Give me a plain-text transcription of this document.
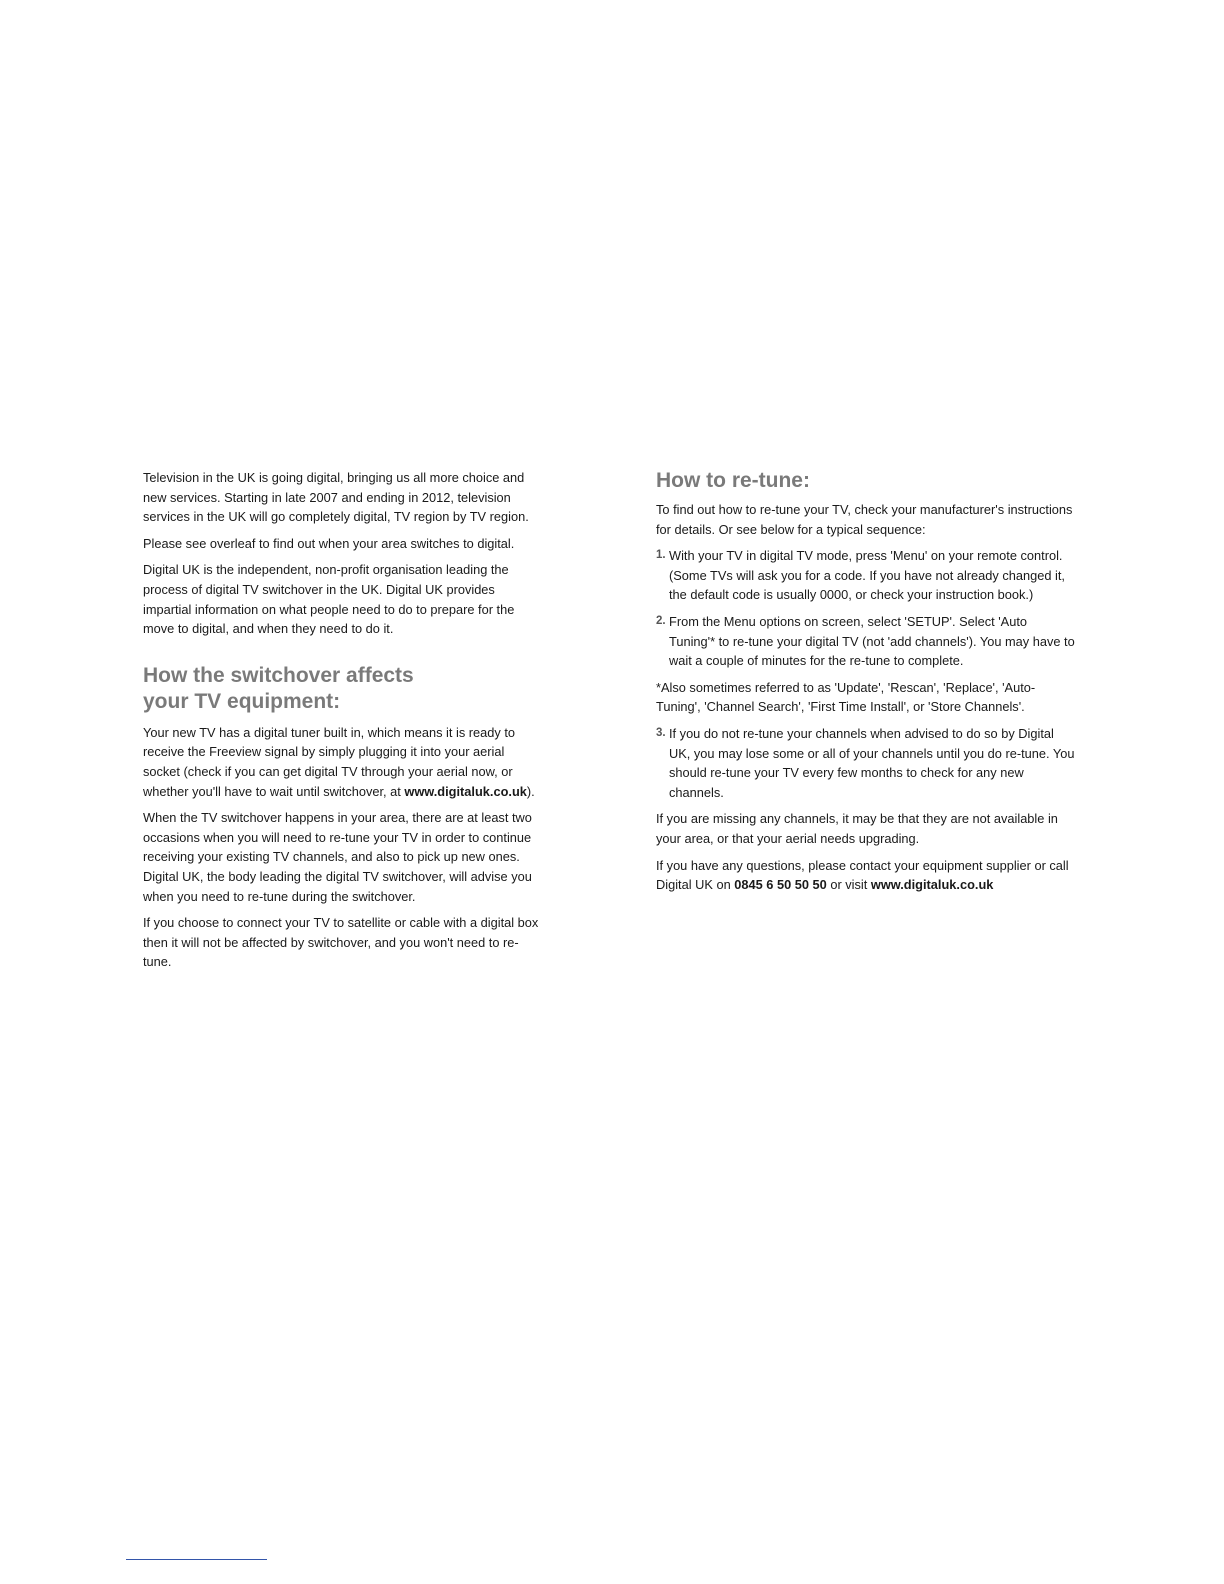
Television in the UK is going digital, bringing us all more choice and new services. Starting in late 2007 and ending in 2012, television services in the UK will go completely digital, TV region by TV region.

Please see overleaf to find out when your area switches to digital.

Digital UK is the independent, non-profit organisation leading the process of digital TV switchover in the UK. Digital UK provides impartial information on what people need to do to prepare for the move to digital, and when they need to do it.

How the switchover affects your TV equipment:

Your new TV has a digital tuner built in, which means it is ready to receive the Freeview signal by simply plugging it into your aerial socket (check if you can get digital TV through your aerial now, or whether you'll have to wait until switchover, at www.digitaluk.co.uk).

When the TV switchover happens in your area, there are at least two occasions when you will need to re-tune your TV in order to continue receiving your existing TV channels, and also to pick up new ones. Digital UK, the body leading the digital TV switchover, will advise you when you need to re-tune during the switchover.

If you choose to connect your TV to satellite or cable with a digital box then it will not be affected by switchover, and you won't need to re-tune.

How to re-tune:

To find out how to re-tune your TV, check your manufacturer's instructions for details. Or see below for a typical sequence:

1. With your TV in digital TV mode, press 'Menu' on your remote control. (Some TVs will ask you for a code. If you have not already changed it, the default code is usually 0000, or check your instruction book.)
2. From the Menu options on screen, select 'SETUP'. Select 'Auto Tuning'* to re-tune your digital TV (not 'add channels'). You may have to wait a couple of minutes for the re-tune to complete.

*Also sometimes referred to as 'Update', 'Rescan', 'Replace', 'Auto-Tuning', 'Channel Search', 'First Time Install', or 'Store Channels'.

3. If you do not re-tune your channels when advised to do so by Digital UK, you may lose some or all of your channels until you do re-tune. You should re-tune your TV every few months to check for any new channels.

If you are missing any channels, it may be that they are not available in your area, or that your aerial needs upgrading.

If you have any questions, please contact your equipment supplier or call Digital UK on 0845 6 50 50 50 or visit www.digitaluk.co.uk
